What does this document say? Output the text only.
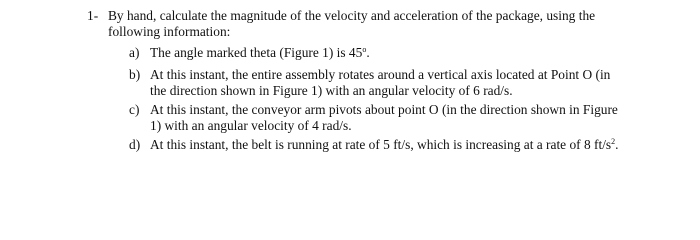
1- By hand, calculate the magnitude of the velocity and acceleration of the package, using the
following information:
a) The angle marked theta (Figure 1) is 45$^o$.
b) At this instant, the entire assembly rotates around a vertical axis located at Point O (in
the direction shown in Figure 1) with an angular velocity of 6 rad/s.
c) At this instant, the conveyor arm pivots about point O (in the direction shown in Figure
1) with an angular velocity of 4 rad/s.
d) At this instant, the belt is running at rate of 5 ft/s, which is increasing at a rate of 8 $ft/s^2$.
